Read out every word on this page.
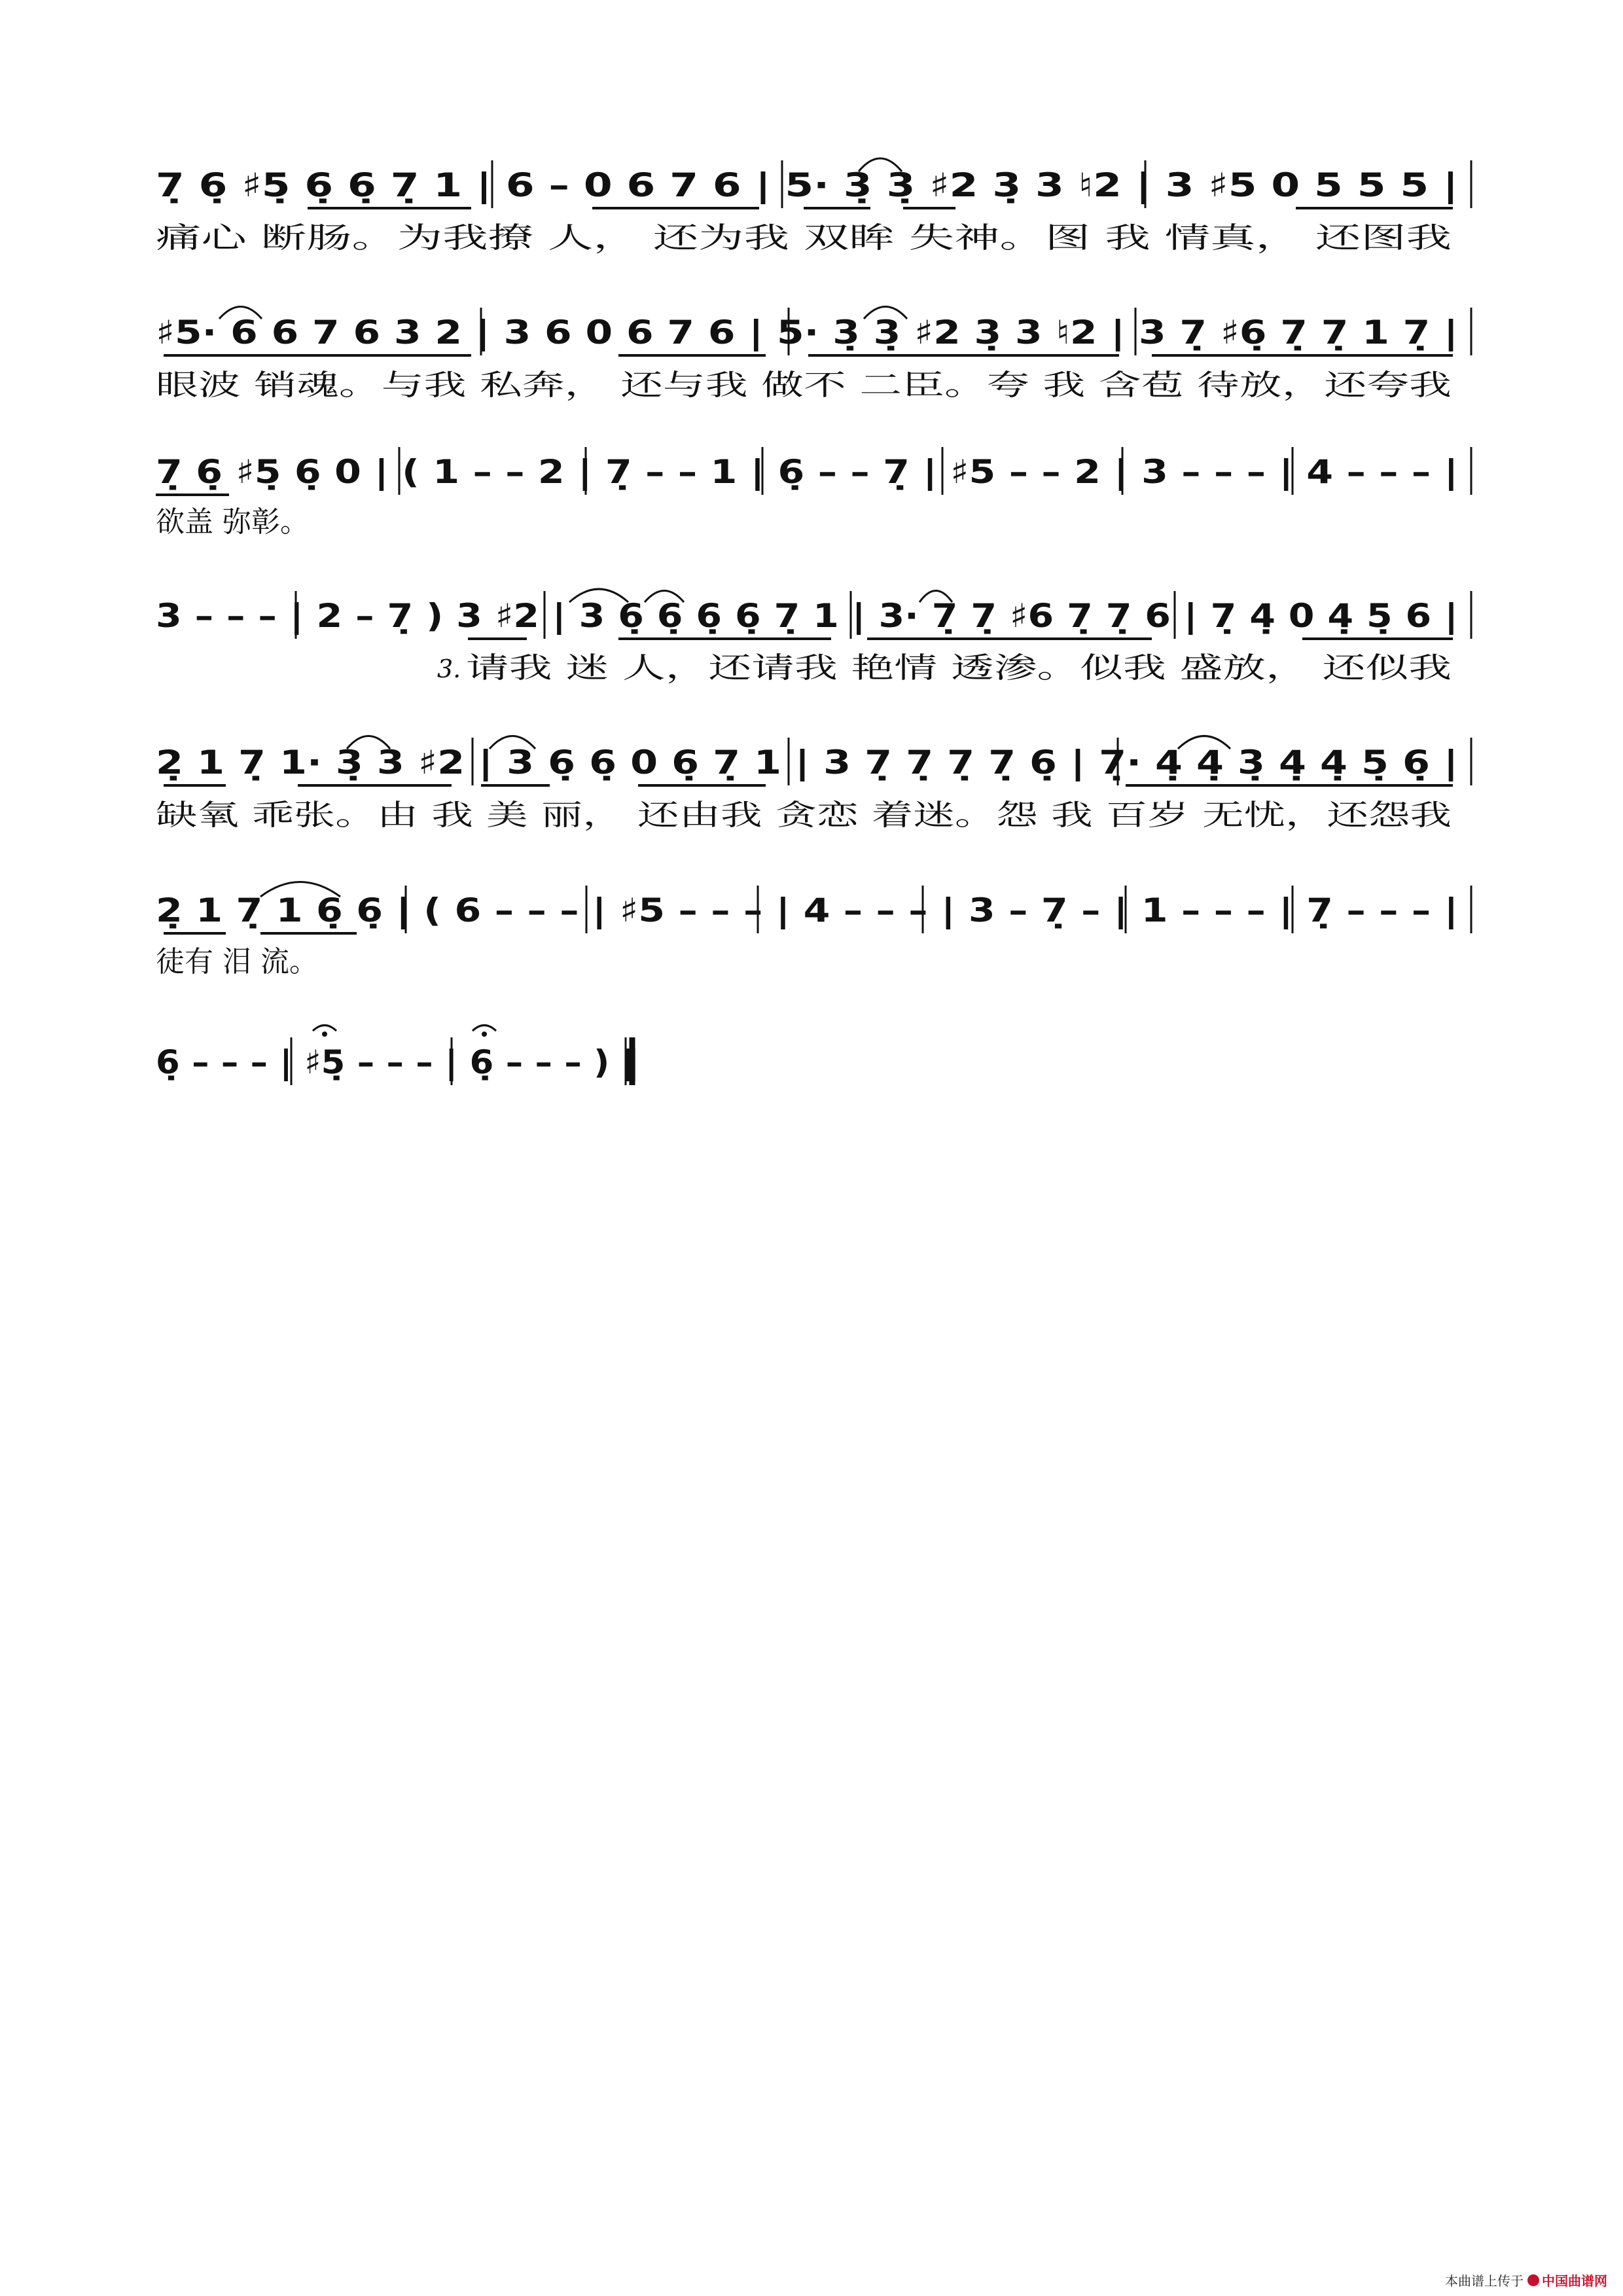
7̣ 6̣ ♯5̣ 6̣ 6̣ 7̣ 1 | 6 – 0 6 7 6 | 5· 3̣ 3̣ ♯2 3̣ 3 ♮2 | 3 ♯5 0 5 5 5 |
痛心 断肠。为我撩 人， 还为我 双眸 失神。图 我 情真， 还图我
♯5· 6 6 7 6 3 2 | 3 6 0 6 7 6 | 5· 3̣ 3̣ ♯2 3̣ 3 ♮2 | 3 7̣ ♯6̣ 7̣ 7̣ 1 7̣ |
眼波 销魂。与我 私奔， 还与我 做不 二臣。夸 我 含苞 待放，还夸我
7̣ 6̣ ♯5̣ 6̣ 0 | ( 1 – – 2 | 7̣ – – 1 | 6̣ – – 7̣ | ♯5 – – 2 | 3 – – – | 4 – – – |
欲盖 弥彰。
3 – – – | 2 – 7̣ ) 3 ♯2 | 3 6̣ 6̣ 6̣ 6̣ 7̣ 1 | 3· 7̣ 7̣ ♯6 7̣ 7̣ 6 | 7̣ 4̣ 0 4̣ 5̣ 6 |
3. 请我 迷 人，还请我 艳情 透渗。似我 盛放， 还似我
2̣ 1 7̣ 1· 3̣ 3 ♯2 | 3 6̣ 6̣ 0 6̣ 7̣ 1 | 3 7̣ 7̣ 7̣ 7̣ 6̣ | 7̣· 4̣ 4̣ 3̣ 4̣ 4̣ 5̣ 6̣ |
缺氧 乖张。由 我 美 丽， 还由我 贪恋 着迷。怨 我 百岁 无忧，还怨我
2̣ 1 7̣ 1 6̣ 6̣ | ( 6 – – – | ♯5 – – – | 4 – – – | 3 – 7̣ – | 1 – – – | 7̣ – – – |
徒有 泪 流。
6̣ – – – | ♯5̣ – – – | 6̣ – – – ) ‖
本曲谱上传于 中国曲谱网
